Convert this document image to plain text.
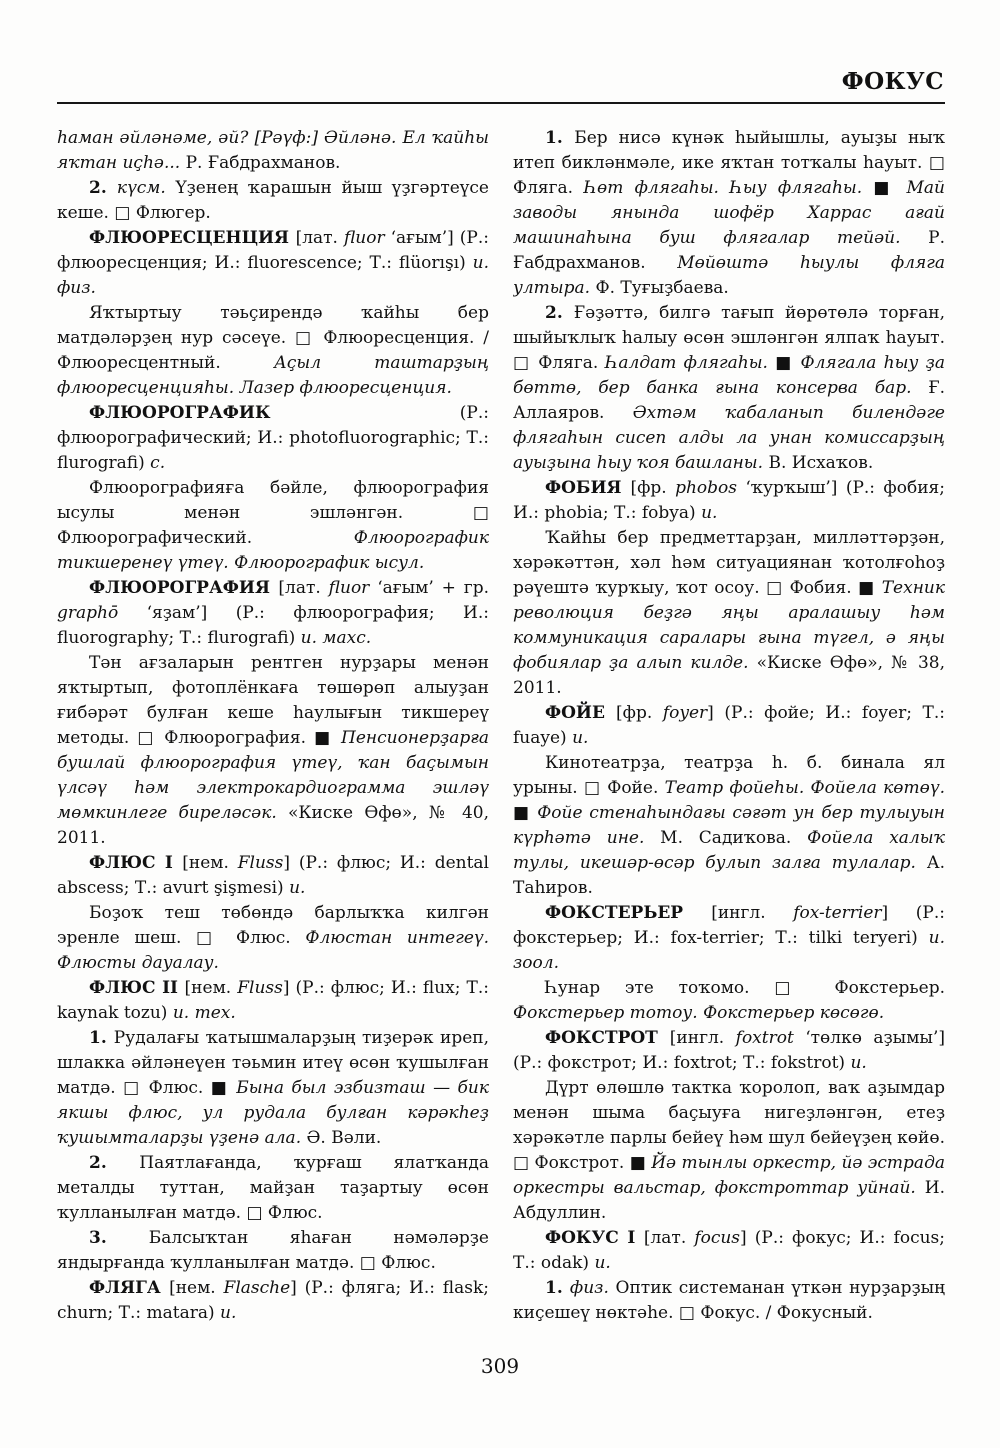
ФОКУС

һаман әйләнәме, әй? [Рәүф:] Әйләнә. Ел ҡайһы яҡтан иҫһә... Р. Ғабдрахманов.

2. күсм. Үҙенең ҡарашын йыш үҙгәртеүсе кеше. □ Флюгер.

ФЛЮОРЕСЦЕНЦИЯ [лат. fluor ‘ағым’] (Р.: флюоресценция; И.: fluorescence; Т.: flüorışı) и. физ.

Яҡтыртыу тәьҫирендә ҡайһы бер матдәләрҙең нур сәсеүе. □ Флюоресценция. / Флюоресцентный. Аҫыл таштарҙың флюоресценцияһы. Лазер флюоресценция.

ФЛЮОРОГРАФИК (Р.: флюорографический; И.: photofluorographic; Т.: flurografi) с.

Флюорографияға бәйле, флюорография ысулы менән эшләнгән. □ Флюорографический. Флюорографик тикшеренеү үтеү. Флюорографик ысул.

ФЛЮОРОГРАФИЯ [лат. fluor ‘ағым’ + гр. graphō ‘яҙам’] (Р.: флюорография; И.: fluorography; Т.: flurografi) и. махс.

Тән ағзаларын рентген нурҙары менән яҡтыртып, фотоплёнкаға төшөрөп алыуҙан ғибәрәт булған кеше һаулығын тикшереү методы. □ Флюорография. ■ Пенсионерҙарға бушлай флюорография үтеү, ҡан баҫымын үлсәү һәм электрокардиограмма эшләү мөмкинлеге биреләсәк. «Киске Өфө», № 40, 2011.

ФЛЮС I [нем. Fluss] (Р.: флюс; И.: dental abscess; Т.: avurt şişmesi) и.

Боҙоҡ теш төбөндә барлыҡҡа килгән эренле шеш. □ Флюс. Флюстан интегеү. Флюсты дауалау.

ФЛЮС II [нем. Fluss] (Р.: флюс; И.: flux; Т.: kaynak tozu) и. тех.

1. Рудалағы ҡатышмаларҙың тиҙерәк иреп, шлакка әйләнеүен тәьмин итеү өсөн ҡушылған матдә. □ Флюс. ■ Бына был эзбизташ — бик якшы флюс, ул рудала булған кәрәкһеҙ ҡушымталарҙы үҙенә ала. Ә. Вәли.

2. Паятлағанда, ҡурғаш ялатҡанда металды туттан, майҙан таҙартыу өсөн ҡулланылған матдә. □ Флюс.

3. Балсыҡтан яһаған нәмәләрҙе яндырғанда ҡулланылған матдә. □ Флюс.

ФЛЯГА [нем. Flasche] (Р.: фляга; И.: flask; churn; Т.: matara) и.

1. Бер нисә күнәк һыйышлы, ауыҙы ныҡ итеп бикләнмәле, ике яҡтан тотҡалы һауыт. □ Фляга. Һөт флягаһы. Һыу флягаһы. ■ Май заводы янында шофёр Харрас ағай машинаһына буш флягалар тейәй. Р. Ғабдрахманов. Мөйөштә һыулы фляга ултыра. Ф. Туғыҙбаева.

2. Ғәҙәттә, билгә тағып йөрөтөлә торған, шыйыҡлыҡ һалыу өсөн эшләнгән ялпаҡ һауыт. □ Фляга. Һалдат флягаһы. ■ Флягала һыу ҙа бөттө, бер банка ғына консерва бар. Ғ. Аллаяров. Әхтәм ҡабаланып билендәге флягаһын сисеп алды ла унан комиссарҙың ауыҙына һыу ҡоя башланы. В. Исхаҡов.

ФОБИЯ [фр. phobos ‘ҡурҡыш’] (Р.: фобия; И.: phobia; Т.: fobya) и.

Ҡайһы бер предметтарҙан, милләттәрҙән, хәрәкәттән, хәл һәм ситуациянан ҡотолғоһоҙ рәүештә ҡурҡыу, ҡот осоу. □ Фобия. ■ Техник революция беҙгә яңы аралашыу һәм коммуникация саралары ғына түгел, ә яңы фобиялар ҙа алып килде. «Киске Өфө», № 38, 2011.

ФОЙЕ [фр. foyer] (Р.: фойе; И.: foyer; Т.: fuaye) и.

Кинотеатрҙа, театрҙа һ. б. бинала ял урыны. □ Фойе. Театр фойеһы. Фойела көтөү. ■ Фойе стенаһындағы сәғәт ун бер тулыуын күрһәтә ине. М. Садиҡова. Фойела халыҡ тулы, икешәр-өсәр булып залға тулалар. А. Таһиров.

ФОКСТЕРЬЕР [ингл. fox-terrier] (Р.: фокстерьер; И.: fox-terrier; Т.: tilki teryeri) и. зоол.

Һунар эте тоҡомо. □ Фокстерьер. Фокстерьер тотоу. Фокстерьер көсөгө.

ФОКСТРОТ [ингл. foxtrot ‘төлкө аҙымы’] (Р.: фокстрот; И.: foxtrot; Т.: fokstrot) и.

Дүрт өлөшлө тактка ҡоролоп, ваҡ аҙымдар менән шыма баҫыуға нигеҙләнгән, етеҙ хәрәкәтле парлы бейеү һәм шул бейеүҙең көйө. □ Фокстрот. ■ Йә тынлы оркестр, йә эстрада оркестры вальстар, фокстроттар уйнай. И. Абдуллин.

ФОКУС I [лат. focus] (Р.: фокус; И.: focus; Т.: odak) и.

1. физ. Оптик системанан үткән нурҙарҙың киҫешеү нөктәһе. □ Фокус. / Фокусный.

309
